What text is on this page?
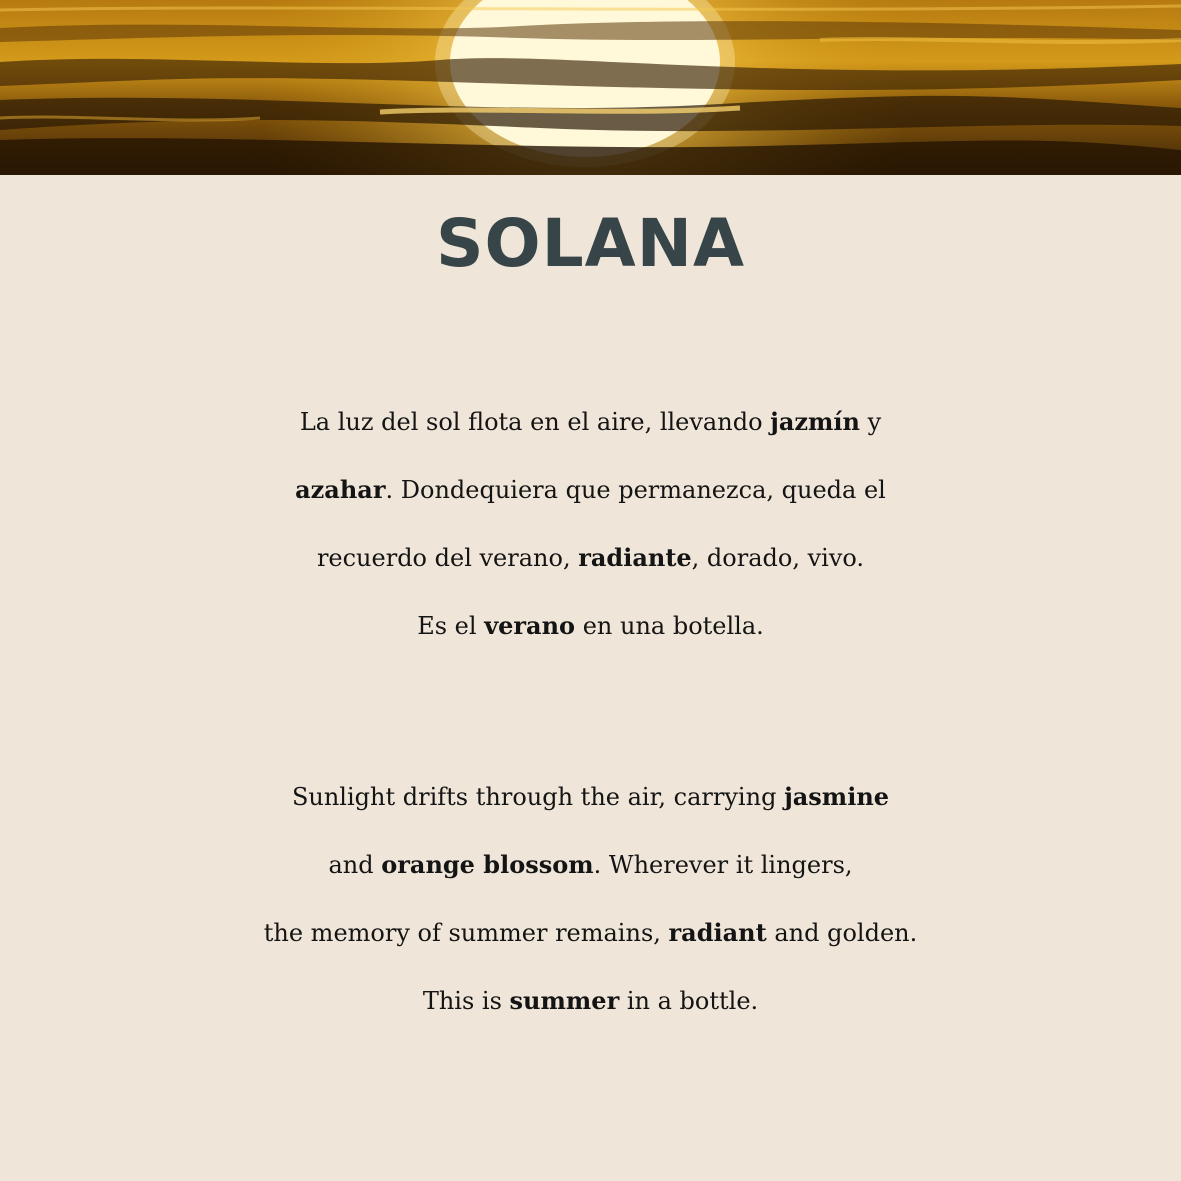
SOLANA

La luz del sol flota en el aire, llevando jazmín y
azahar. Dondequiera que permanezca, queda el
recuerdo del verano, radiante, dorado, vivo.
Es el verano en una botella.

Sunlight drifts through the air, carrying jasmine
and orange blossom. Wherever it lingers,
the memory of summer remains, radiant and golden.
This is summer in a bottle.
